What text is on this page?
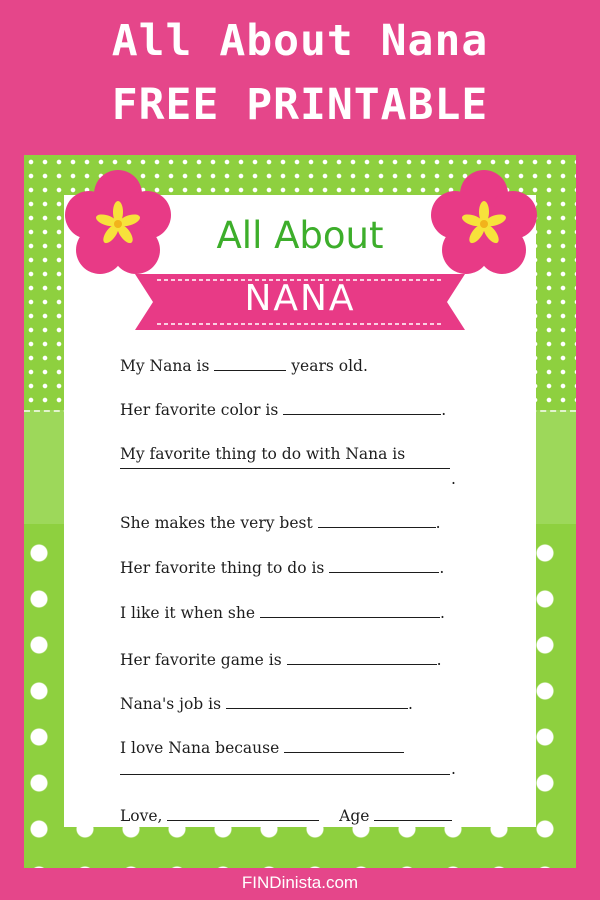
All About Nana
FREE PRINTABLE
All About
NANA
My Nana is	years old.
Her favorite color is	.
My favorite thing to do with Nana is
.
She makes the very best	.
Her favorite thing to do is	.
I like it when she	.
Her favorite game is	.
Nana's job is	.
I love Nana because
.
Love,	Age
FINDinista.com
